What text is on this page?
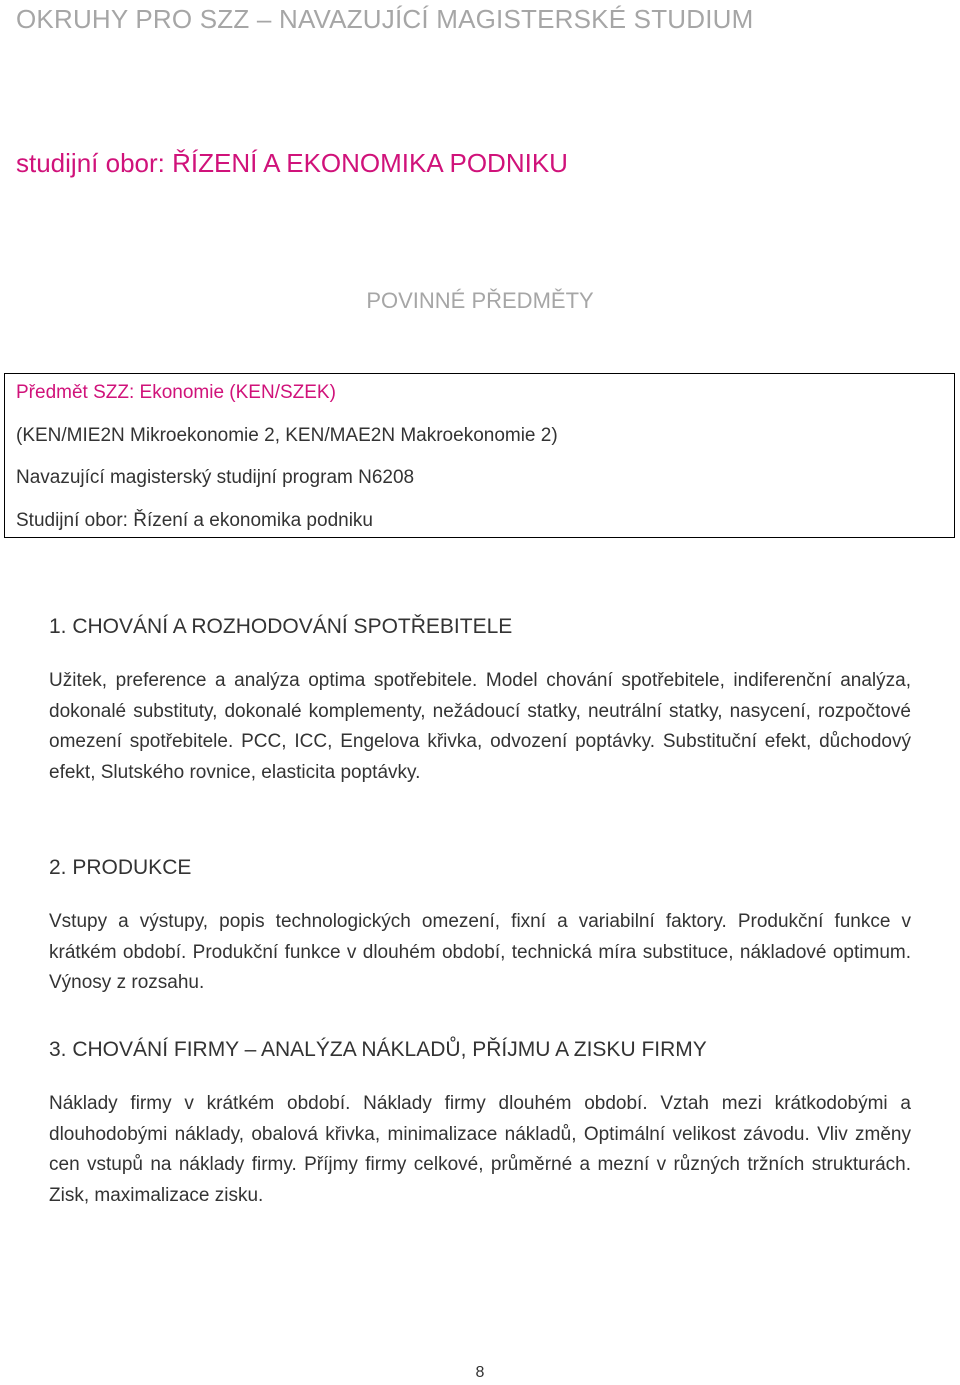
OKRUHY PRO SZZ – NAVAZUJÍCÍ MAGISTERSKÉ STUDIUM
studijní obor: ŘÍZENÍ A EKONOMIKA PODNIKU
POVINNÉ PŘEDMĚTY
Předmět SZZ: Ekonomie (KEN/SZEK)
(KEN/MIE2N Mikroekonomie 2, KEN/MAE2N Makroekonomie 2)
Navazující magisterský studijní program N6208
Studijní obor: Řízení a ekonomika podniku
1. CHOVÁNÍ A ROZHODOVÁNÍ SPOTŘEBITELE

Užitek, preference a analýza optima spotřebitele. Model chování spotřebitele, indiferenční analýza, dokonalé substituty, dokonalé komplementy, nežádoucí statky, neutrální statky, nasycení, rozpočtové omezení spotřebitele. PCC, ICC, Engelova křivka, odvození poptávky. Substituční efekt, důchodový efekt, Slutského rovnice, elasticita poptávky.

2. PRODUKCE

Vstupy a výstupy, popis technologických omezení, fixní a variabilní faktory. Produkční funkce v krátkém období. Produkční funkce v dlouhém období, technická míra substituce, nákladové optimum. Výnosy z rozsahu.

3. CHOVÁNÍ FIRMY – ANALÝZA NÁKLADŮ, PŘÍJMU A ZISKU FIRMY

Náklady firmy v krátkém období. Náklady firmy dlouhém období. Vztah mezi krátkodobými a dlouhodobými náklady, obalová křivka, minimalizace nákladů, Optimální velikost závodu. Vliv změny cen vstupů na náklady firmy. Příjmy firmy celkové, průměrné a mezní v různých tržních strukturách. Zisk, maximalizace zisku.

8
